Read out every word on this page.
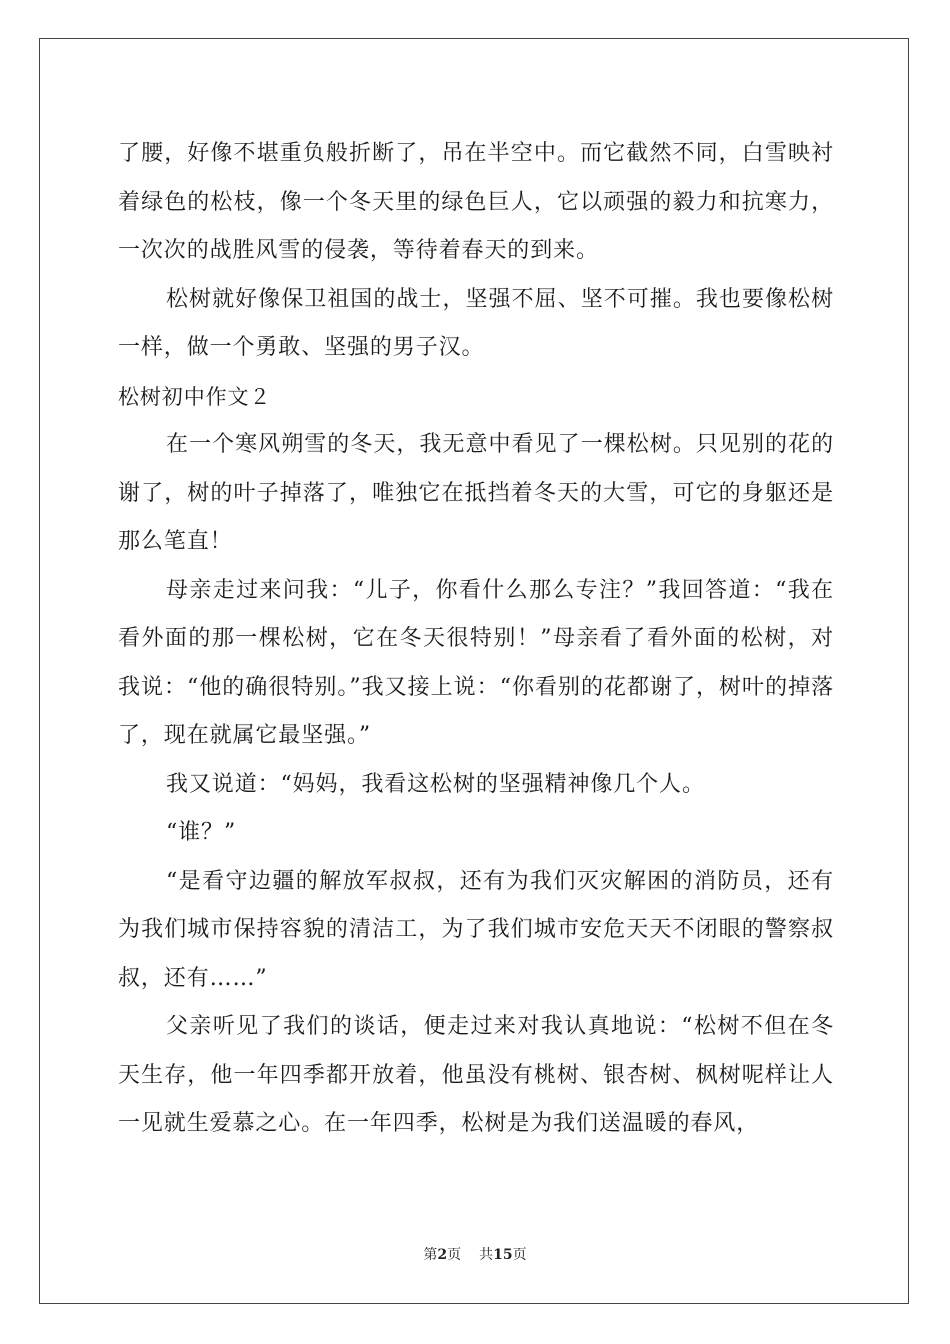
了腰，好像不堪重负般折断了，吊在半空中。而它截然不同，白雪映衬着绿色的松枝，像一个冬天里的绿色巨人，它以顽强的毅力和抗寒力，一次次的战胜风雪的侵袭，等待着春天的到来。

松树就好像保卫祖国的战士，坚强不屈、坚不可摧。我也要像松树一样，做一个勇敢、坚强的男子汉。

松树初中作文２

在一个寒风朔雪的冬天，我无意中看见了一棵松树。只见别的花的谢了，树的叶子掉落了，唯独它在抵挡着冬天的大雪，可它的身躯还是那么笔直！

母亲走过来问我：“儿子，你看什么那么专注？”我回答道：“我在看外面的那一棵松树，它在冬天很特别！”母亲看了看外面的松树，对我说：“他的确很特别。”我又接上说：“你看别的花都谢了，树叶的掉落了，现在就属它最坚强。”

我又说道：“妈妈，我看这松树的坚强精神像几个人。

“谁？”

“是看守边疆的解放军叔叔，还有为我们灭灾解困的消防员，还有为我们城市保持容貌的清洁工，为了我们城市安危天天不闭眼的警察叔叔，还有……”

父亲听见了我们的谈话，便走过来对我认真地说：“松树不但在冬天生存，他一年四季都开放着，他虽没有桃树、银杏树、枫树呢样让人一见就生爱慕之心。在一年四季，松树是为我们送温暖的春风，

第2页 共15页
